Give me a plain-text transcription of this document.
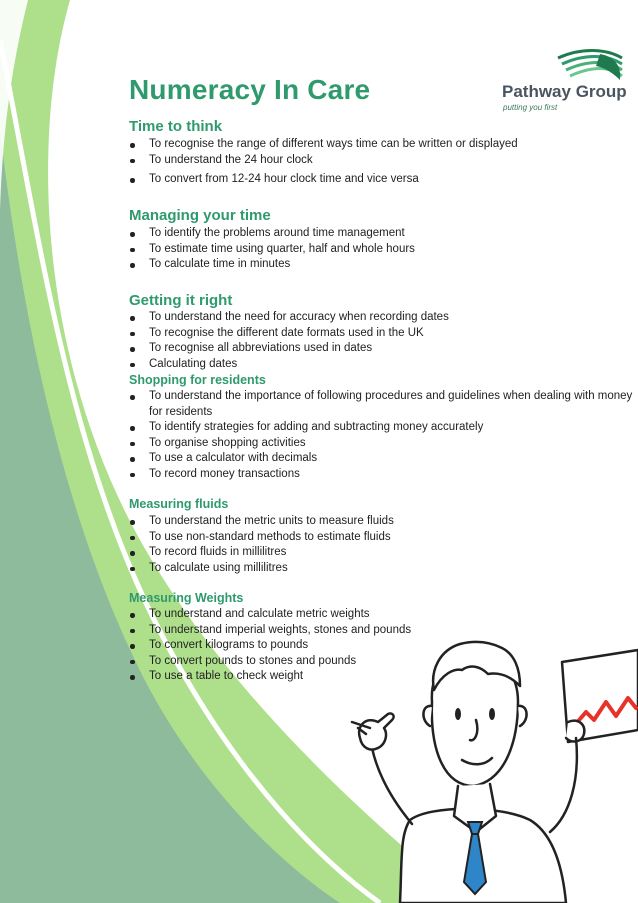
Numeracy In Care	Pathway Group
putting you first
Time to think
To recognise the range of different ways time can be written or displayed
To understand the 24 hour clock
To convert from 12-24 hour clock time and vice versa
Managing your time
To identify the problems around time management
To estimate time using quarter, half and whole hours
To calculate time in minutes
Getting it right
To understand the need for accuracy when recording dates
To recognise the different date formats used in the UK
To recognise all abbreviations used in dates
Calculating dates
Shopping for residents
To understand the importance of following procedures and guidelines when dealing with money for residents
To identify strategies for adding and subtracting money accurately
To organise shopping activities
To use a calculator with decimals
To record money transactions
Measuring fluids
To understand the metric units to measure fluids
To use non-standard methods to estimate fluids
To record fluids in millilitres
To calculate using millilitres
Measuring Weights
To understand and calculate metric weights
To understand imperial weights, stones and pounds
To convert kilograms to pounds
To convert pounds to stones and pounds
To use a table to check weight
